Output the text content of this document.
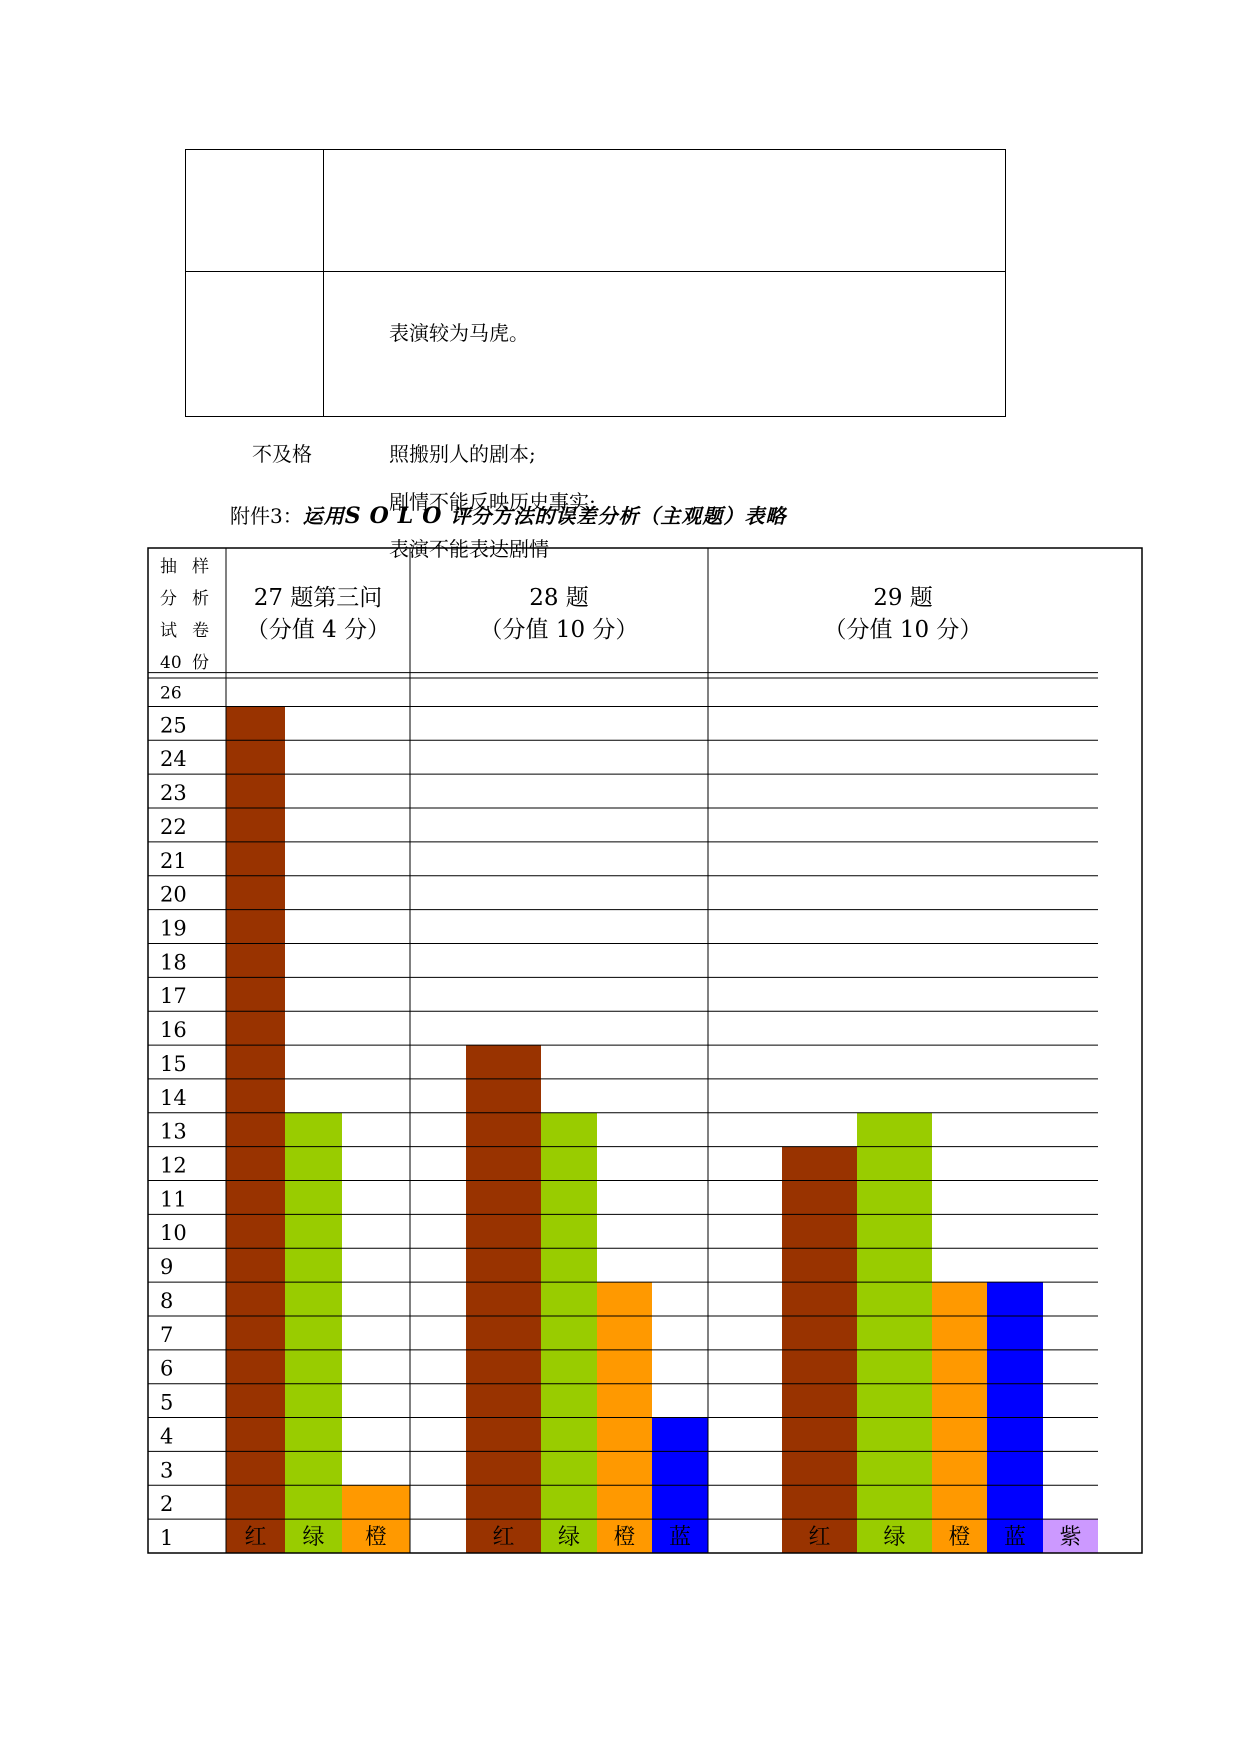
表演较为马虎。
不及格	照搬别人的剧本;
剧情不能反映历史事实;
表演不能表达剧情
附件3：运用SOLO评分方法的误差分析（主观题）表略
红 绿 橙	红 绿 橙 蓝	红 绿 橙 蓝 紫
1
2
3
4
5
6
7
8
9
10
11
12
13
14
15
16
17
18
19
20
21
22
23
24
25
26
抽 样
分 析
试 卷
40 份
27 题第三问
（分值 4 分）
28 题
（分值 10 分）
29 题
（分值 10 分）
